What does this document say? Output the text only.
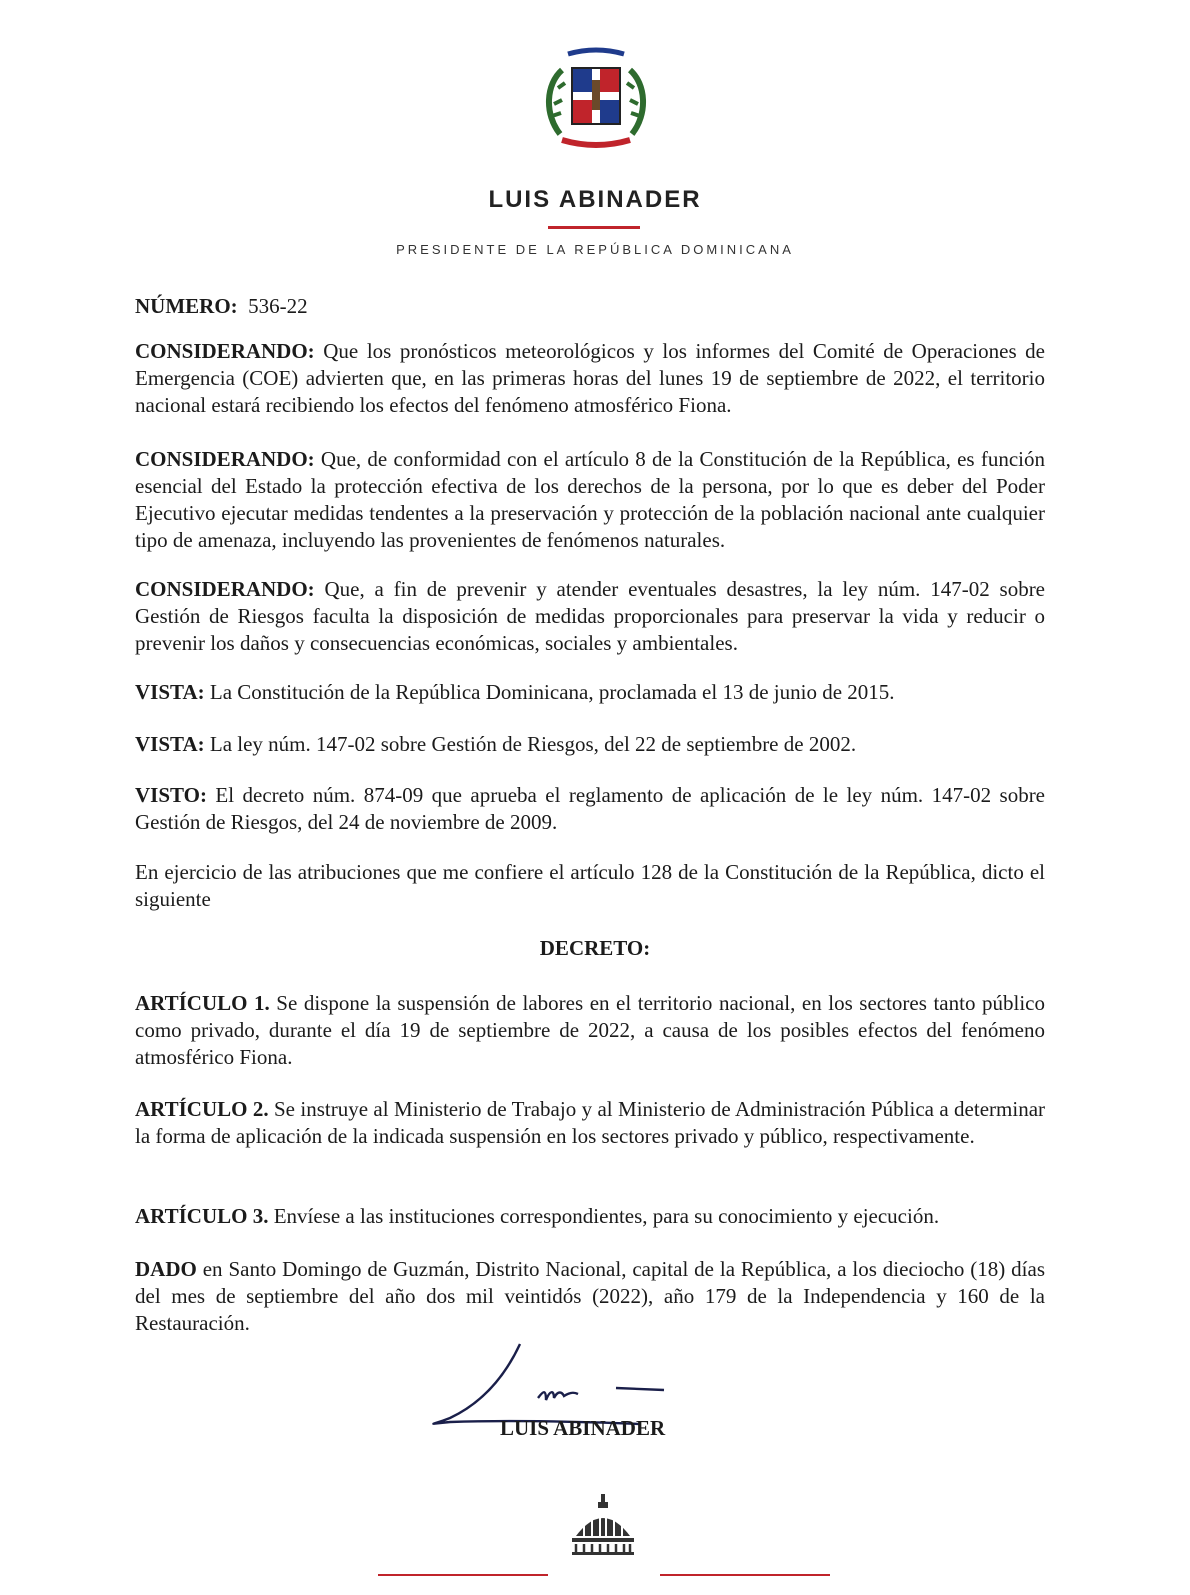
LUIS ABINADER
PRESIDENTE DE LA REPÚBLICA DOMINICANA
NÚMERO: 536-22

CONSIDERANDO: Que los pronósticos meteorológicos y los informes del Comité de Operaciones de Emergencia (COE) advierten que, en las primeras horas del lunes 19 de septiembre de 2022, el territorio nacional estará recibiendo los efectos del fenómeno atmosférico Fiona.

CONSIDERANDO: Que, de conformidad con el artículo 8 de la Constitución de la República, es función esencial del Estado la protección efectiva de los derechos de la persona, por lo que es deber del Poder Ejecutivo ejecutar medidas tendentes a la preservación y protección de la población nacional ante cualquier tipo de amenaza, incluyendo las provenientes de fenómenos naturales.

CONSIDERANDO: Que, a fin de prevenir y atender eventuales desastres, la ley núm. 147-02 sobre Gestión de Riesgos faculta la disposición de medidas proporcionales para preservar la vida y reducir o prevenir los daños y consecuencias económicas, sociales y ambientales.

VISTA: La Constitución de la República Dominicana, proclamada el 13 de junio de 2015.

VISTA: La ley núm. 147-02 sobre Gestión de Riesgos, del 22 de septiembre de 2002.

VISTO: El decreto núm. 874-09 que aprueba el reglamento de aplicación de le ley núm. 147-02 sobre Gestión de Riesgos, del 24 de noviembre de 2009.

En ejercicio de las atribuciones que me confiere el artículo 128 de la Constitución de la República, dicto el siguiente

DECRETO:

ARTÍCULO 1. Se dispone la suspensión de labores en el territorio nacional, en los sectores tanto público como privado, durante el día 19 de septiembre de 2022, a causa de los posibles efectos del fenómeno atmosférico Fiona.

ARTÍCULO 2. Se instruye al Ministerio de Trabajo y al Ministerio de Administración Pública a determinar la forma de aplicación de la indicada suspensión en los sectores privado y público, respectivamente.

ARTÍCULO 3. Envíese a las instituciones correspondientes, para su conocimiento y ejecución.

DADO en Santo Domingo de Guzmán, Distrito Nacional, capital de la República, a los dieciocho (18) días del mes de septiembre del año dos mil veintidós (2022), año 179 de la Independencia y 160 de la Restauración.

LUIS ABINADER
